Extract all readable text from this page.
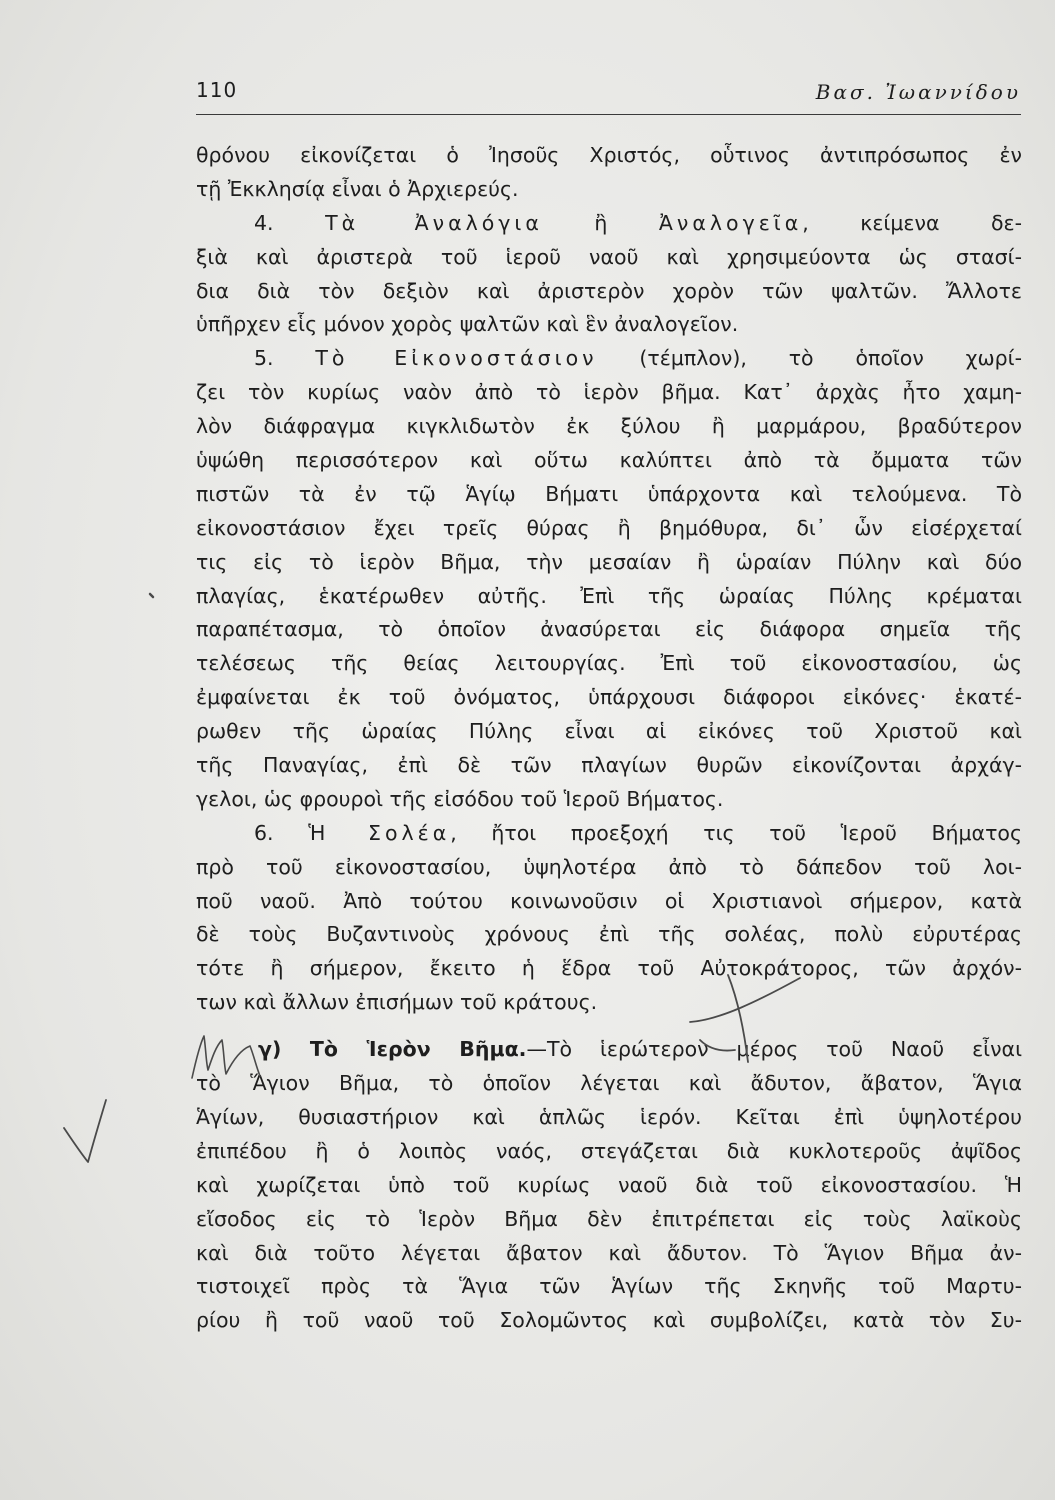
110	Βασ. Ἰωαννίδου
θρόνου εἰκονίζεται ὁ Ἰησοῦς Χριστός, οὗτινος ἀντιπρόσωπος ἐν
τῇ Ἐκκλησίᾳ εἶναι ὁ Ἀρχιερεύς.
4.	Τὰ Ἀναλόγια ἢ Ἀναλογεῖα, κείμενα δε-
ξιὰ καὶ ἀριστερὰ τοῦ ἱεροῦ ναοῦ καὶ χρησιμεύοντα ὡς στασί-
δια διὰ τὸν δεξιὸν καὶ ἀριστερὸν χορὸν τῶν ψαλτῶν. Ἄλλοτε
ὑπῆρχεν εἷς μόνον χορὸς ψαλτῶν καὶ ἓν ἀναλογεῖον.
5. Τὸ Εἰκονοστάσιον (τέμπλον), τὸ ὁποῖον χωρί-
ζει τὸν κυρίως ναὸν ἀπὸ τὸ ἱερὸν βῆμα. Κατ᾿ ἀρχὰς ἦτο χαμη-
λὸν διάφραγμα κιγκλιδωτὸν ἐκ ξύλου ἢ μαρμάρου, βραδύτερον
ὑψώθη περισσότερον καὶ οὕτω καλύπτει ἀπὸ τὰ ὄμματα τῶν
πιστῶν τὰ ἐν τῷ Ἁγίῳ Βήματι ὑπάρχοντα καὶ τελούμενα. Τὸ
εἰκονοστάσιον ἔχει τρεῖς θύρας ἢ βημόθυρα, δι᾿ ὧν εἰσέρχεταί
τις εἰς τὸ ἱερὸν Βῆμα, τὴν μεσαίαν ἢ ὡραίαν Πύλην καὶ δύο
πλαγίας, ἑκατέρωθεν αὐτῆς. Ἐπὶ τῆς ὡραίας Πύλης κρέμαται
παραπέτασμα, τὸ ὁποῖον ἀνασύρεται εἰς διάφορα σημεῖα τῆς
τελέσεως τῆς θείας λειτουργίας. Ἐπὶ τοῦ εἰκονοστασίου, ὡς
ἐμφαίνεται ἐκ τοῦ ὀνόματος, ὑπάρχουσι διάφοροι εἰκόνες· ἑκατέ-
ρωθεν τῆς ὡραίας Πύλης εἶναι αἱ εἰκόνες τοῦ Χριστοῦ καὶ
τῆς Παναγίας, ἐπὶ δὲ τῶν πλαγίων θυρῶν εἰκονίζονται ἀρχάγ-
γελοι, ὡς φρουροὶ τῆς εἰσόδου τοῦ Ἱεροῦ Βήματος.
6. Ἡ Σολέα, ἤτοι προεξοχή τις τοῦ Ἱεροῦ Βήματος
πρὸ τοῦ εἰκονοστασίου, ὑψηλοτέρα ἀπὸ τὸ δάπεδον τοῦ λοι-
ποῦ ναοῦ. Ἀπὸ τούτου κοινωνοῦσιν οἱ Χριστιανοὶ σήμερον, κατὰ
δὲ τοὺς Βυζαντινοὺς χρόνους ἐπὶ τῆς σολέας, πολὺ εὐρυτέρας
τότε ἢ σήμερον, ἔκειτο ἡ ἕδρα τοῦ Αὐτοκράτορος, τῶν ἀρχόν-
των καὶ ἄλλων ἐπισήμων τοῦ κράτους.
γ) Τὸ Ἱερὸν Βῆμα.—Τὸ ἱερώτερον μέρος τοῦ Ναοῦ εἶναι
τὸ Ἅγιον Βῆμα, τὸ ὁποῖον λέγεται καὶ ἄδυτον, ἄβατον, Ἅγια
Ἁγίων, θυσιαστήριον καὶ ἁπλῶς ἱερόν. Κεῖται ἐπὶ ὑψηλοτέρου
ἐπιπέδου ἢ ὁ λοιπὸς ναός, στεγάζεται διὰ κυκλοτεροῦς ἀψῖδος
καὶ χωρίζεται ὑπὸ τοῦ κυρίως ναοῦ διὰ τοῦ εἰκονοστασίου. Ἡ
εἴσοδος εἰς τὸ Ἱερὸν Βῆμα δὲν ἐπιτρέπεται εἰς τοὺς λαϊκοὺς
καὶ διὰ τοῦτο λέγεται ἄβατον καὶ ἄδυτον. Τὸ Ἅγιον Βῆμα ἀν-
τιστοιχεῖ πρὸς τὰ Ἅγια τῶν Ἁγίων τῆς Σκηνῆς τοῦ Μαρτυ-
ρίου ἢ τοῦ ναοῦ τοῦ Σολομῶντος καὶ συμβολίζει, κατὰ τὸν Συ-
